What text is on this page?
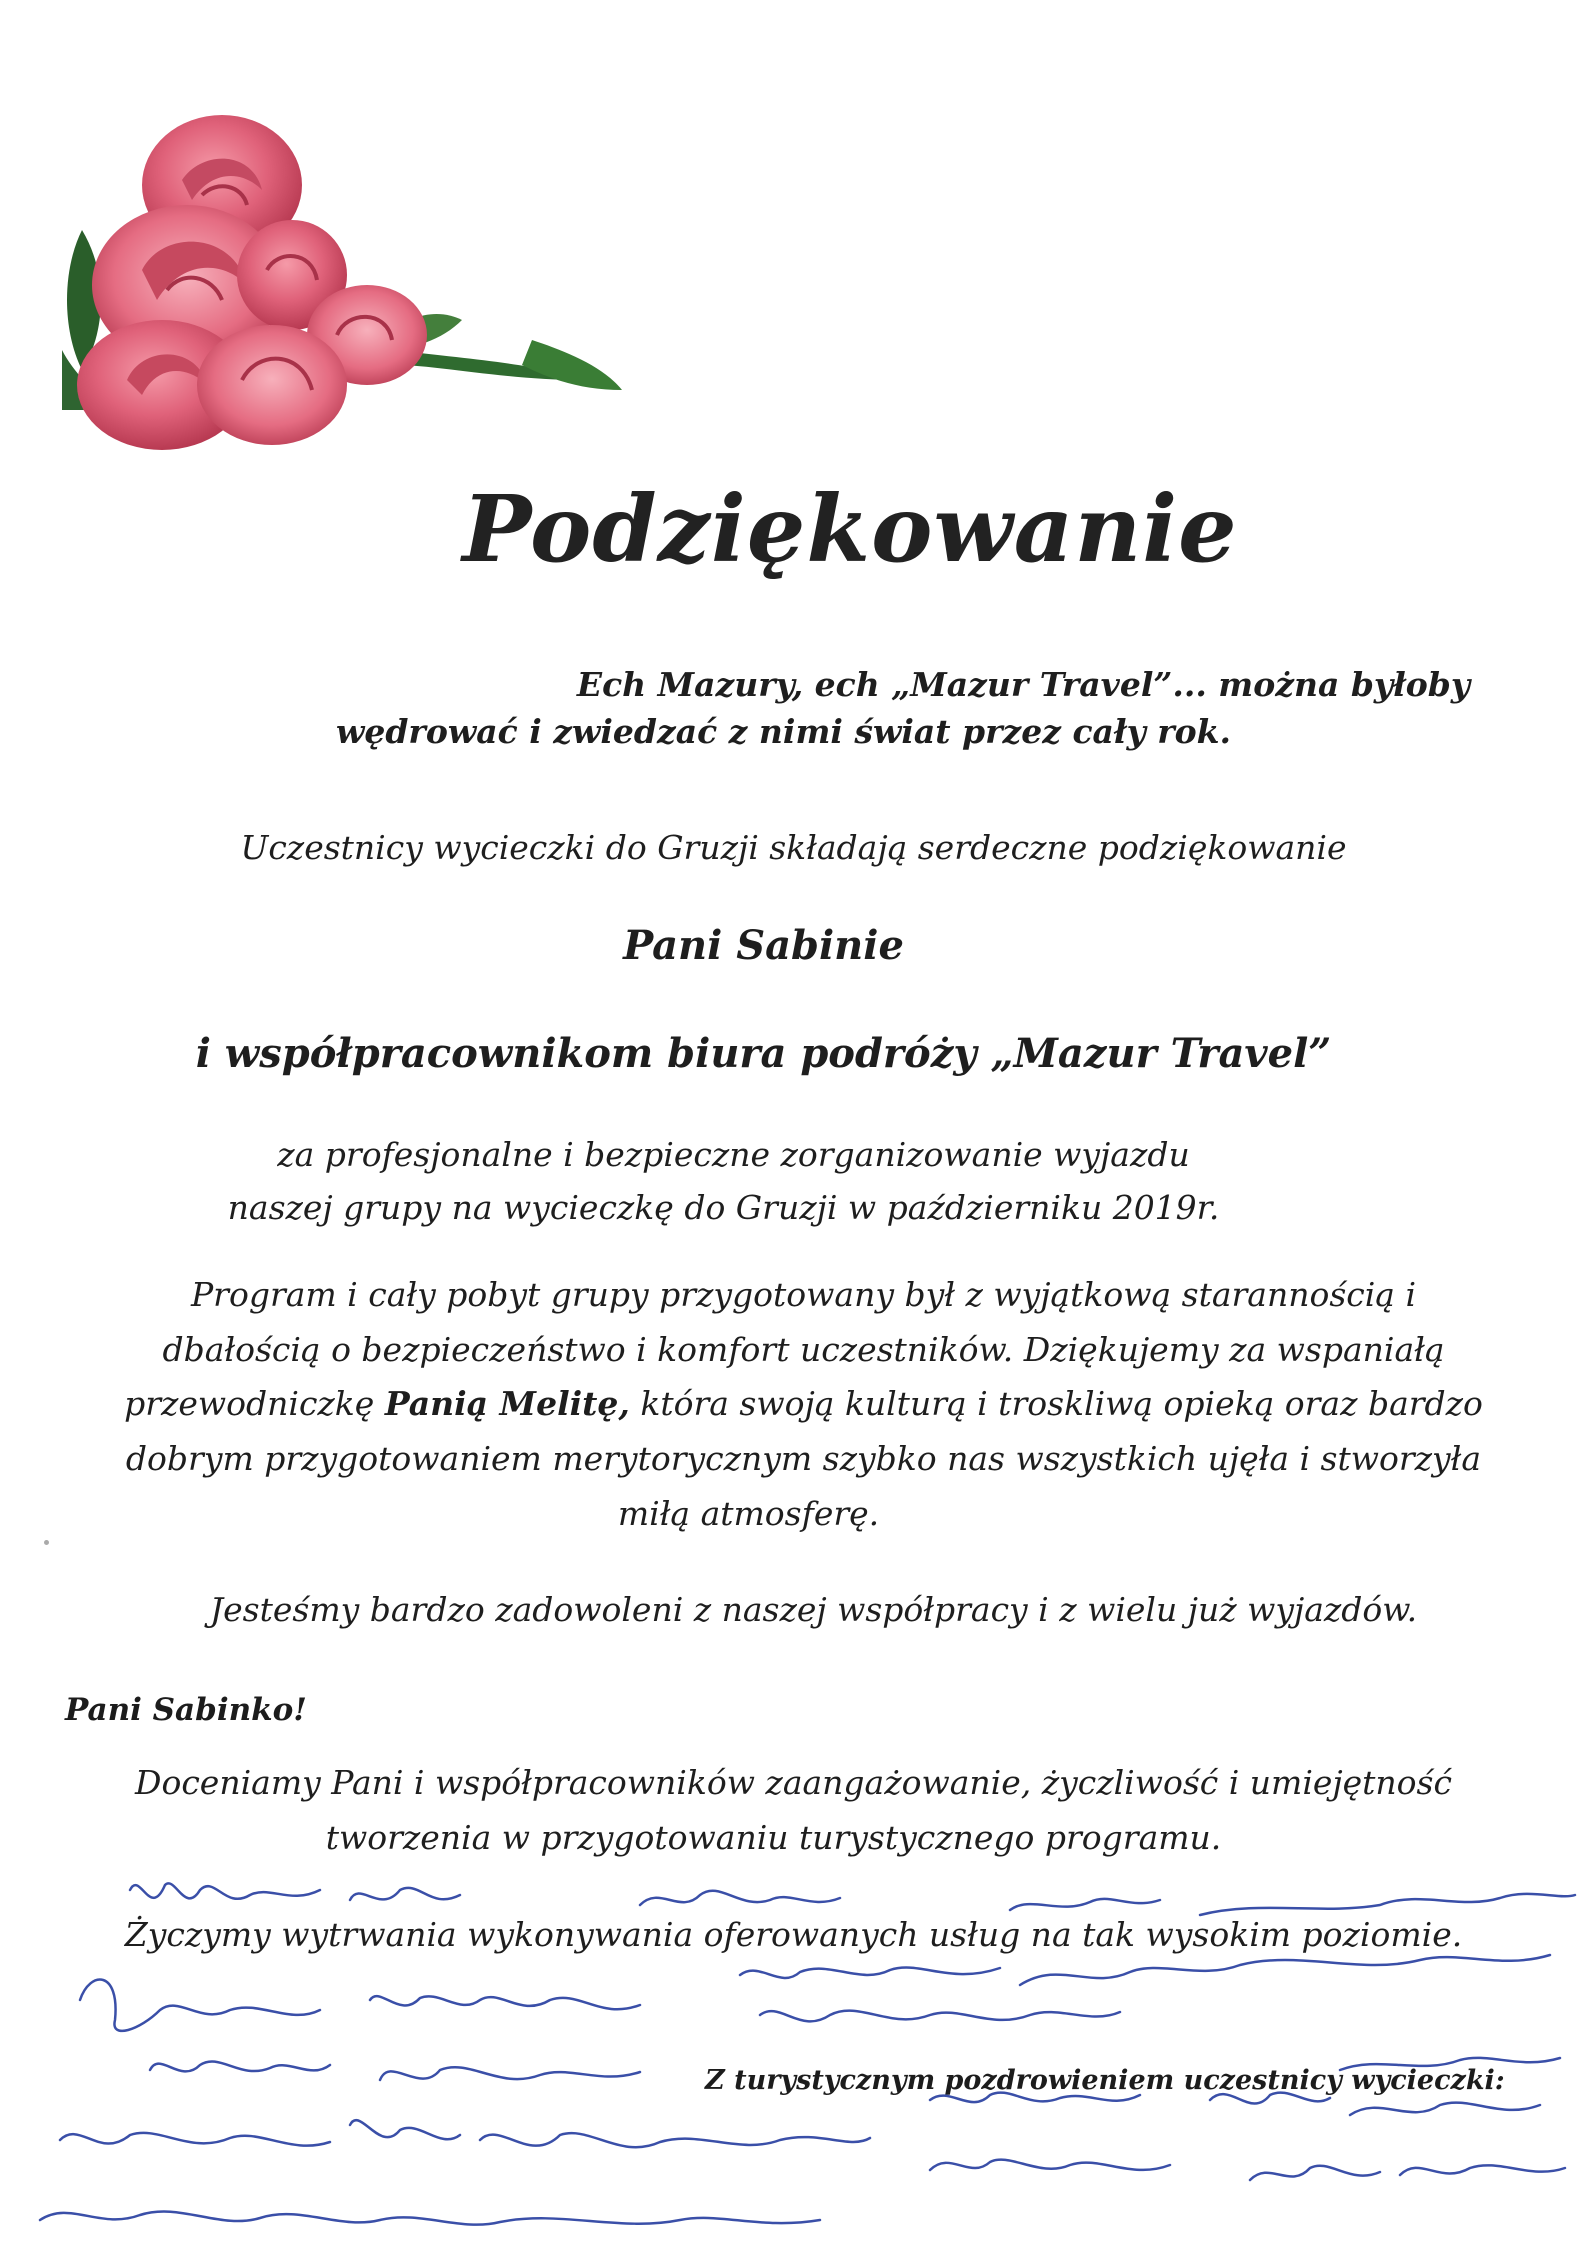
Podziękowanie
Ech Mazury, ech „Mazur Travel”... można byłoby
wędrować i zwiedzać z nimi świat przez cały rok.
Uczestnicy wycieczki do Gruzji składają serdeczne podziękowanie
Pani Sabinie
i współpracownikom biura podróży „Mazur Travel”
za profesjonalne i bezpieczne zorganizowanie wyjazdu
naszej grupy na wycieczkę do Gruzji w październiku 2019r.
Program i cały pobyt grupy przygotowany był z wyjątkową starannością i
dbałością o bezpieczeństwo i komfort uczestników. Dziękujemy za wspaniałą
przewodniczkę Panią Melitę, która swoją kulturą i troskliwą opieką oraz bardzo
dobrym przygotowaniem merytorycznym szybko nas wszystkich ujęła i stworzyła
miłą atmosferę.
Jesteśmy bardzo zadowoleni z naszej współpracy i z wielu już wyjazdów.
Pani Sabinko!
Doceniamy Pani i współpracowników zaangażowanie, życzliwość i umiejętność
tworzenia w przygotowaniu turystycznego programu.
Życzymy wytrwania wykonywania oferowanych usług na tak wysokim poziomie.
Z turystycznym pozdrowieniem uczestnicy wycieczki:
